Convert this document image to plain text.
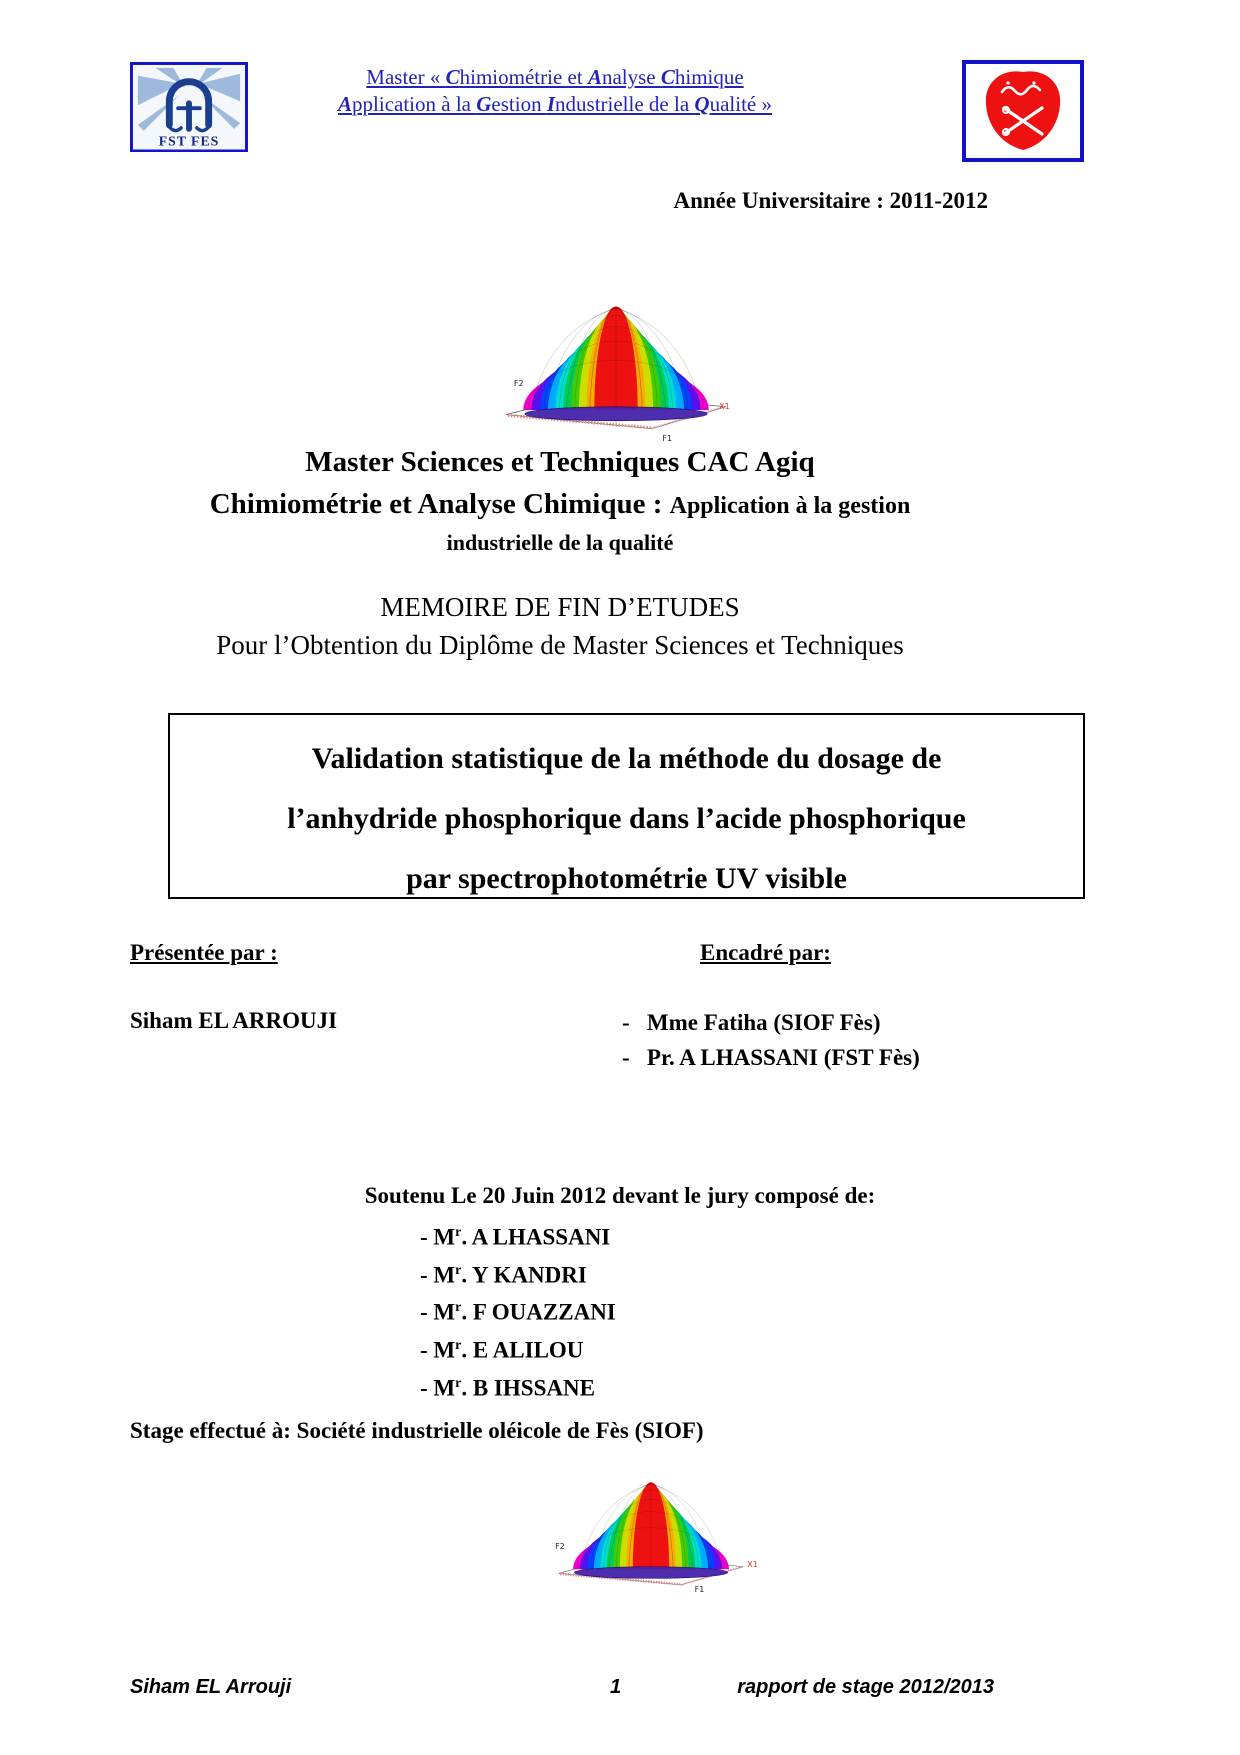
FST FES
Master « Chimiométrie et Analyse Chimique
Application à la Gestion Industrielle de la Qualité »
Année Universitaire : 2011-2012
F2
F1
X1
Master Sciences et Techniques CAC Agiq
Chimiométrie et Analyse Chimique : Application à la gestion
industrielle de la qualité
MEMOIRE DE FIN D’ETUDES
Pour l’Obtention du Diplôme de Master Sciences et Techniques
Validation statistique de la méthode du dosage de
l’anhydride phosphorique dans l’acide phosphorique
par spectrophotométrie UV visible
Présentée par :	Encadré par:
Siham EL ARROUJI	-   Mme Fatiha (SIOF Fès)
-   Pr. A LHASSANI (FST Fès)
Soutenu Le 20 Juin 2012 devant le jury composé de:
- $M^r$. A LHASSANI
- $M^r$. Y KANDRI
- $M^r$. F OUAZZANI
- $M^r$. E ALILOU
- $M^r$. B IHSSANE
Stage effectué à: Société industrielle oléicole de Fès (SIOF)
F2
F1
X1
Siham EL Arrouji	1	rapport de stage 2012/2013
